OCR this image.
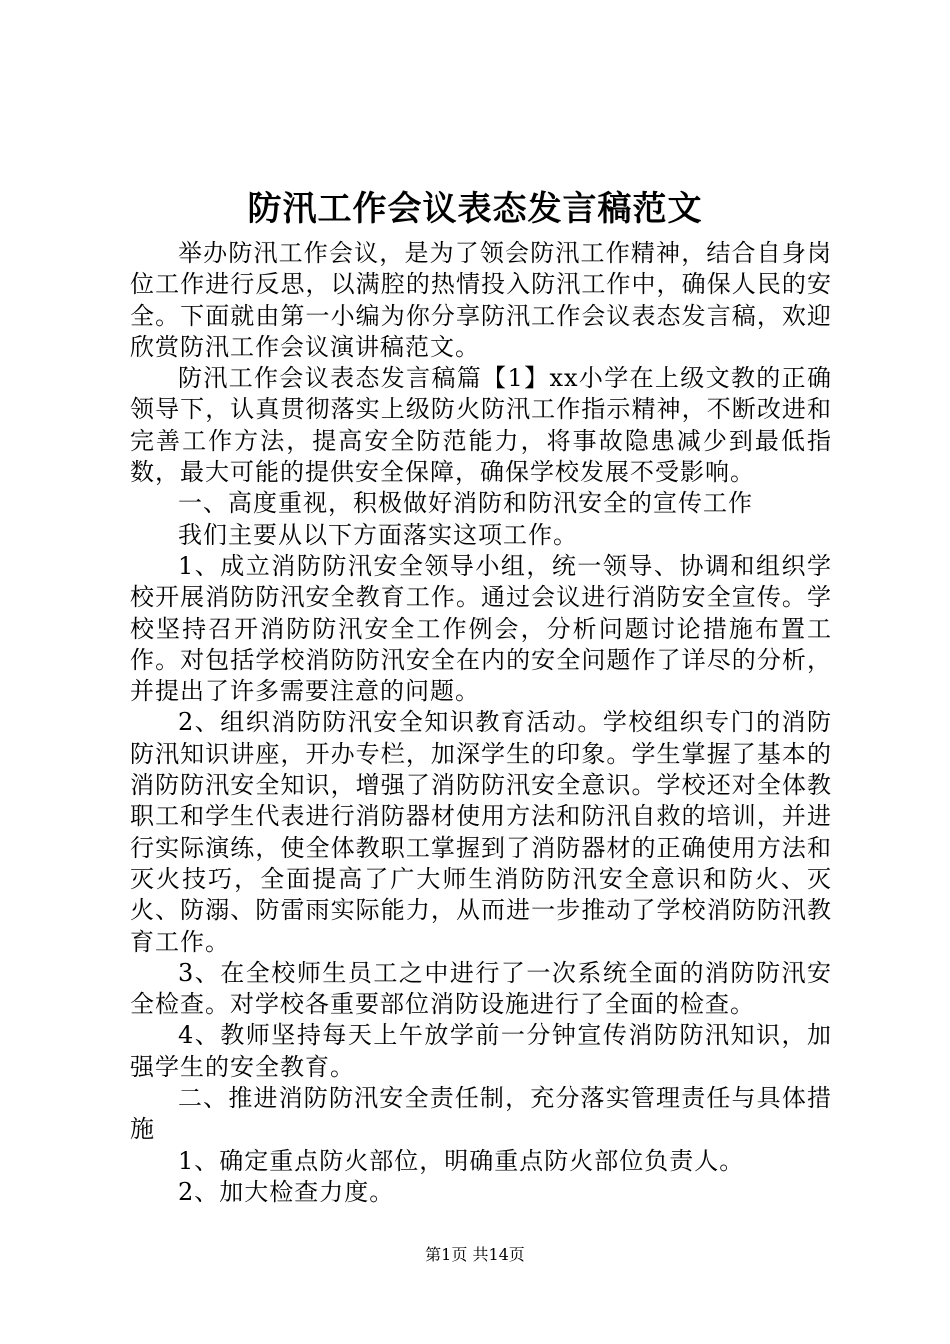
防汛工作会议表态发言稿范文

举办防汛工作会议，是为了领会防汛工作精神，结合自身岗位工作进行反思，以满腔的热情投入防汛工作中，确保人民的安全。下面就由第一小编为你分享防汛工作会议表态发言稿，欢迎欣赏防汛工作会议演讲稿范文。

防汛工作会议表态发言稿篇【1】xx小学在上级文教的正确领导下，认真贯彻落实上级防火防汛工作指示精神，不断改进和完善工作方法，提高安全防范能力，将事故隐患减少到最低指数，最大可能的提供安全保障，确保学校发展不受影响。

一、高度重视，积极做好消防和防汛安全的宣传工作

我们主要从以下方面落实这项工作。

1、成立消防防汛安全领导小组，统一领导、协调和组织学校开展消防防汛安全教育工作。通过会议进行消防安全宣传。学校坚持召开消防防汛安全工作例会，分析问题讨论措施布置工作。对包括学校消防防汛安全在内的安全问题作了详尽的分析，并提出了许多需要注意的问题。

2、组织消防防汛安全知识教育活动。学校组织专门的消防防汛知识讲座，开办专栏，加深学生的印象。学生掌握了基本的消防防汛安全知识，增强了消防防汛安全意识。学校还对全体教职工和学生代表进行消防器材使用方法和防汛自救的培训，并进行实际演练，使全体教职工掌握到了消防器材的正确使用方法和灭火技巧，全面提高了广大师生消防防汛安全意识和防火、灭火、防溺、防雷雨实际能力，从而进一步推动了学校消防防汛教育工作。

3、在全校师生员工之中进行了一次系统全面的消防防汛安全检查。对学校各重要部位消防设施进行了全面的检查。

4、教师坚持每天上午放学前一分钟宣传消防防汛知识，加强学生的安全教育。

二、推进消防防汛安全责任制，充分落实管理责任与具体措施

1、确定重点防火部位，明确重点防火部位负责人。

2、加大检查力度。

第1页 共14页
